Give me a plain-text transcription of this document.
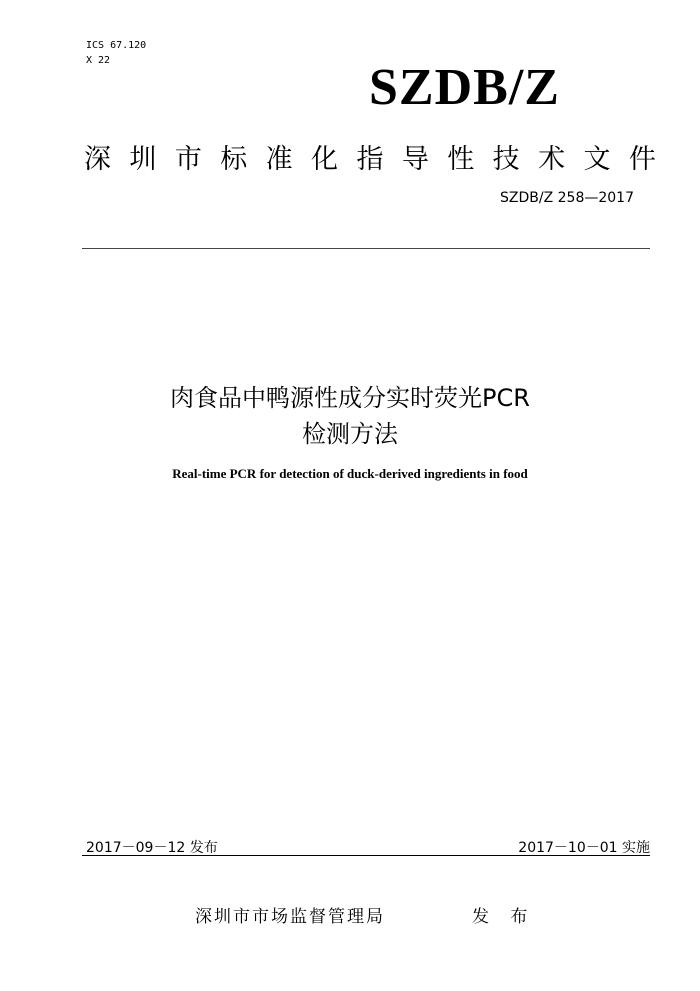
ICS 67.120
X 22	SZDB/Z
深 圳 市 标 准 化 指 导 性 技 术 文 件
SZDB/Z 258—2017
肉食品中鸭源性成分实时荧光PCR
检测方法
Real-time PCR for detection of duck-derived ingredients in food
2017－09－12 发布	2017－10－01 实施
深圳市市场监督管理局	发 布
